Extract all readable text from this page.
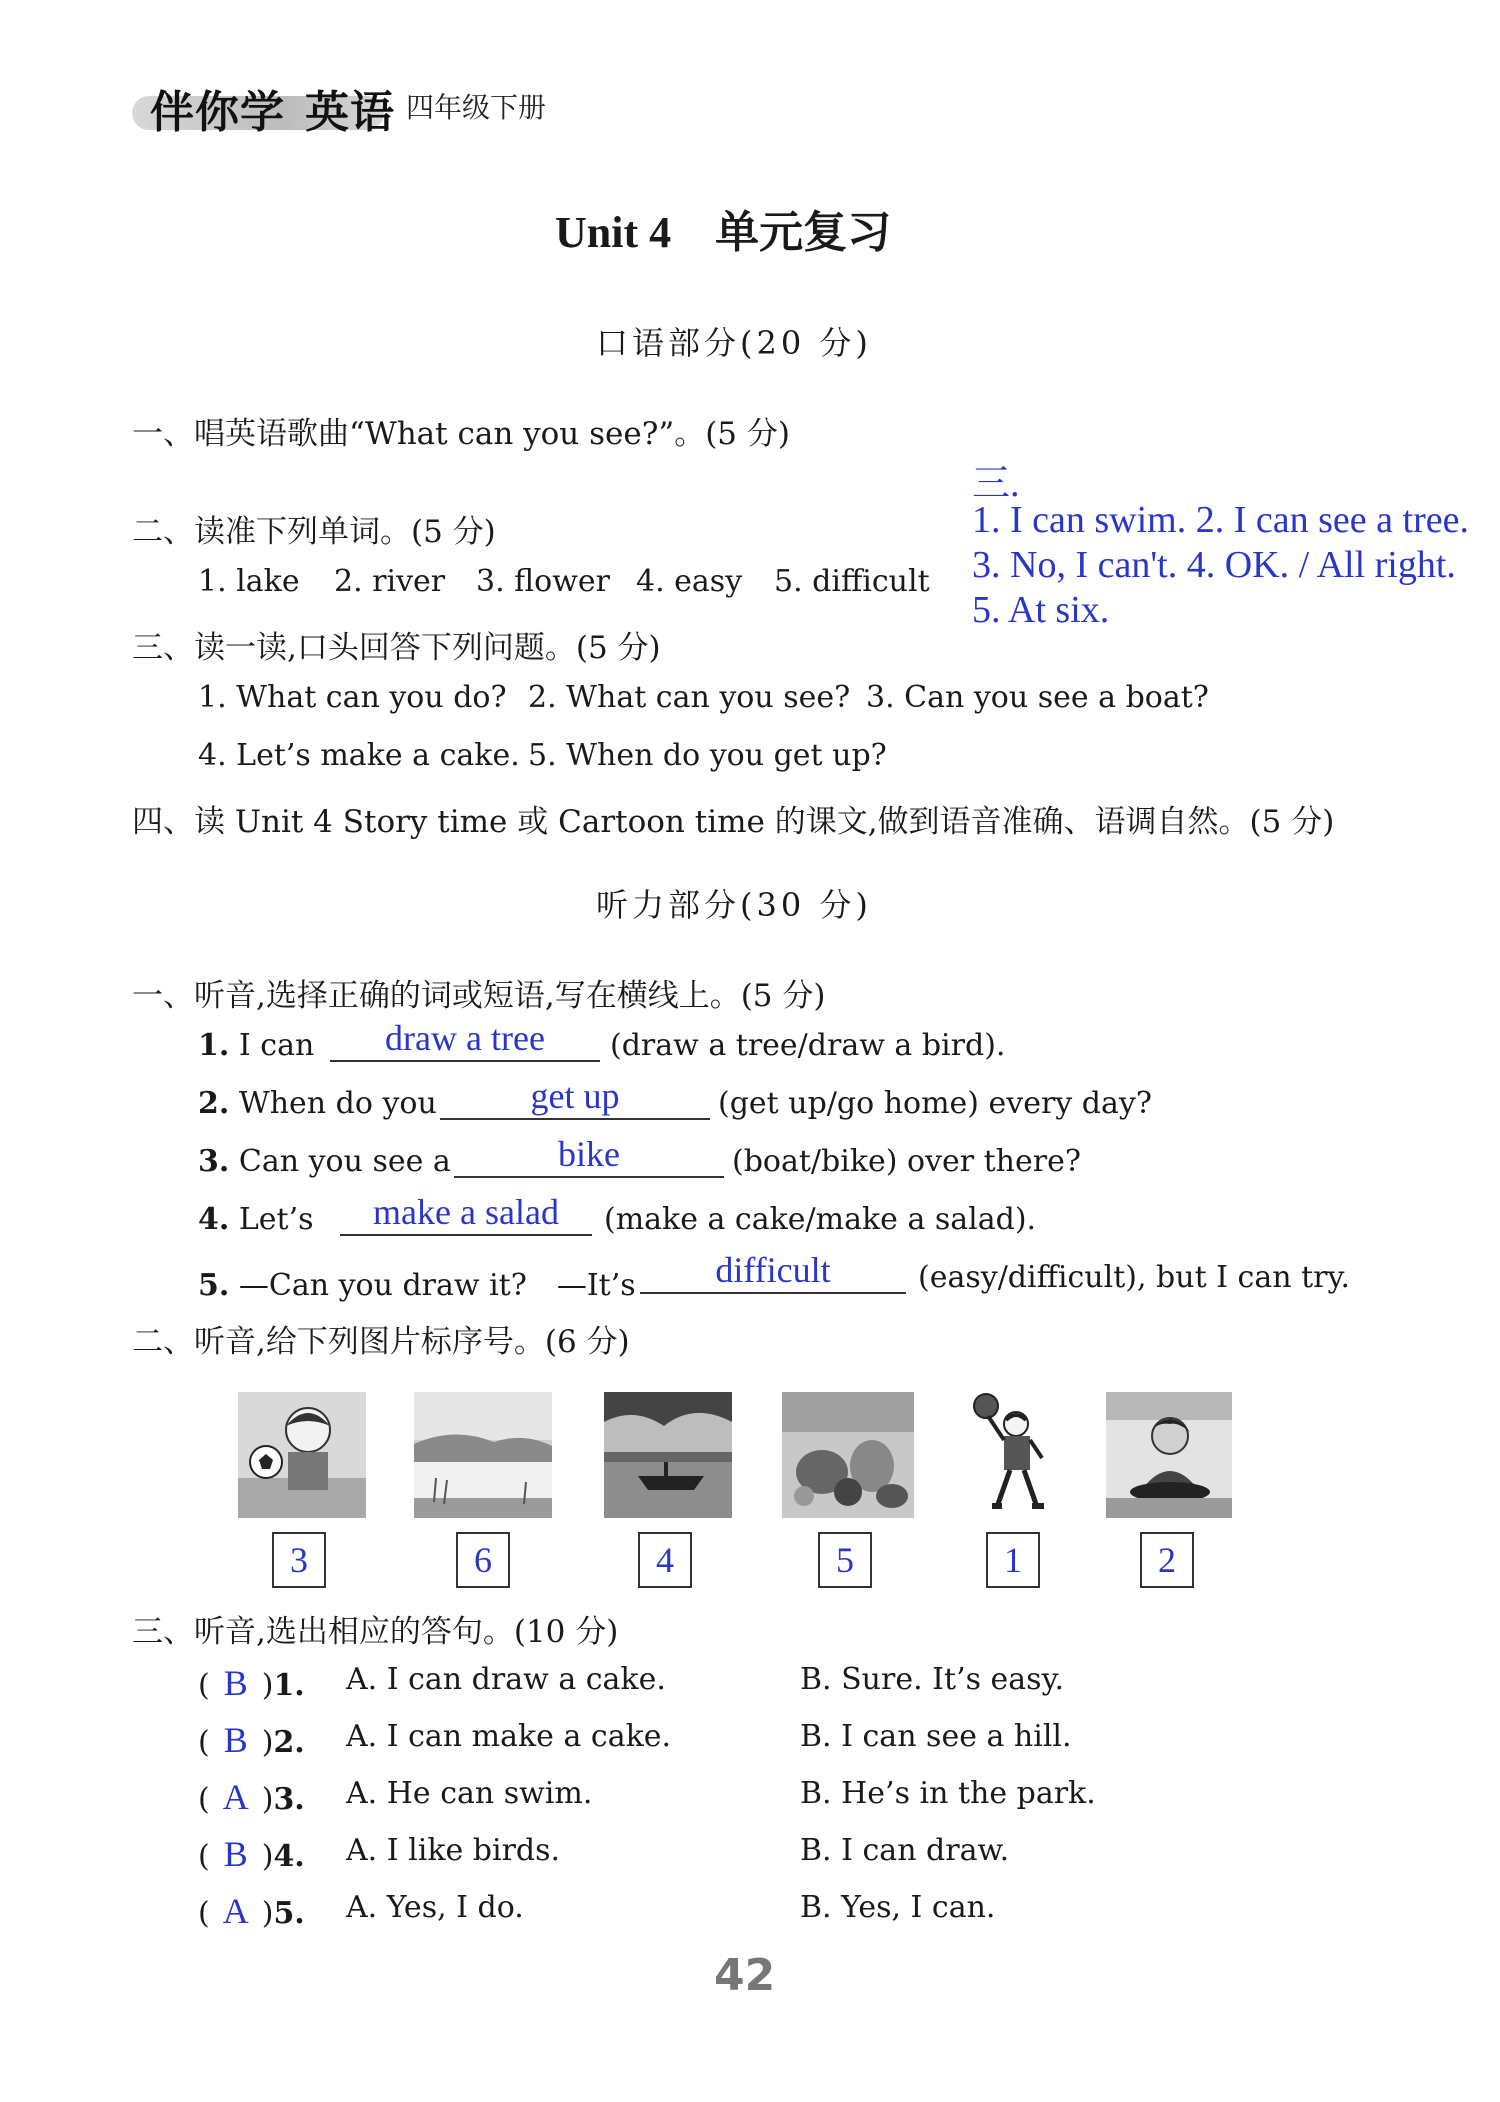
伴你学 英语 四年级下册
Unit 4　单元复习
口语部分(20 分)
一、唱英语歌曲“What can you see?”。(5 分)
二、读准下列单词。(5 分)
1. lake 2. river 3. flower 4. easy 5. difficult
三.
1. I can swim. 2. I can see a tree.
3. No, I can't. 4. OK. / All right.
5. At six.
三、读一读,口头回答下列问题。(5 分)
1. What can you do? 2. What can you see? 3. Can you see a boat?
4. Let’s make a cake. 5. When do you get up?
四、读 Unit 4 Story time 或 Cartoon time 的课文,做到语音准确、语调自然。(5 分)
听力部分(30 分)
一、听音,选择正确的词或短语,写在横线上。(5 分)
1. I can	draw a tree	(draw a tree/draw a bird).
2. When do you	get up	(get up/go home) every day?
3. Can you see a	bike	(boat/bike) over there?
4. Let’s	make a salad	(make a cake/make a salad).
5. —Can you draw it?　—It’s	difficult	(easy/difficult), but I can try.
二、听音,给下列图片标序号。(6 分)
3	6	4	5	1	2
三、听音,选出相应的答句。(10 分)
( B )1. A. I can draw a cake.	B. Sure. It’s easy.
( B )2. A. I can make a cake.	B. I can see a hill.
( A )3. A. He can swim.	B. He’s in the park.
( B )4. A. I like birds.	B. I can draw.
( A )5. A. Yes, I do.	B. Yes, I can.
42
